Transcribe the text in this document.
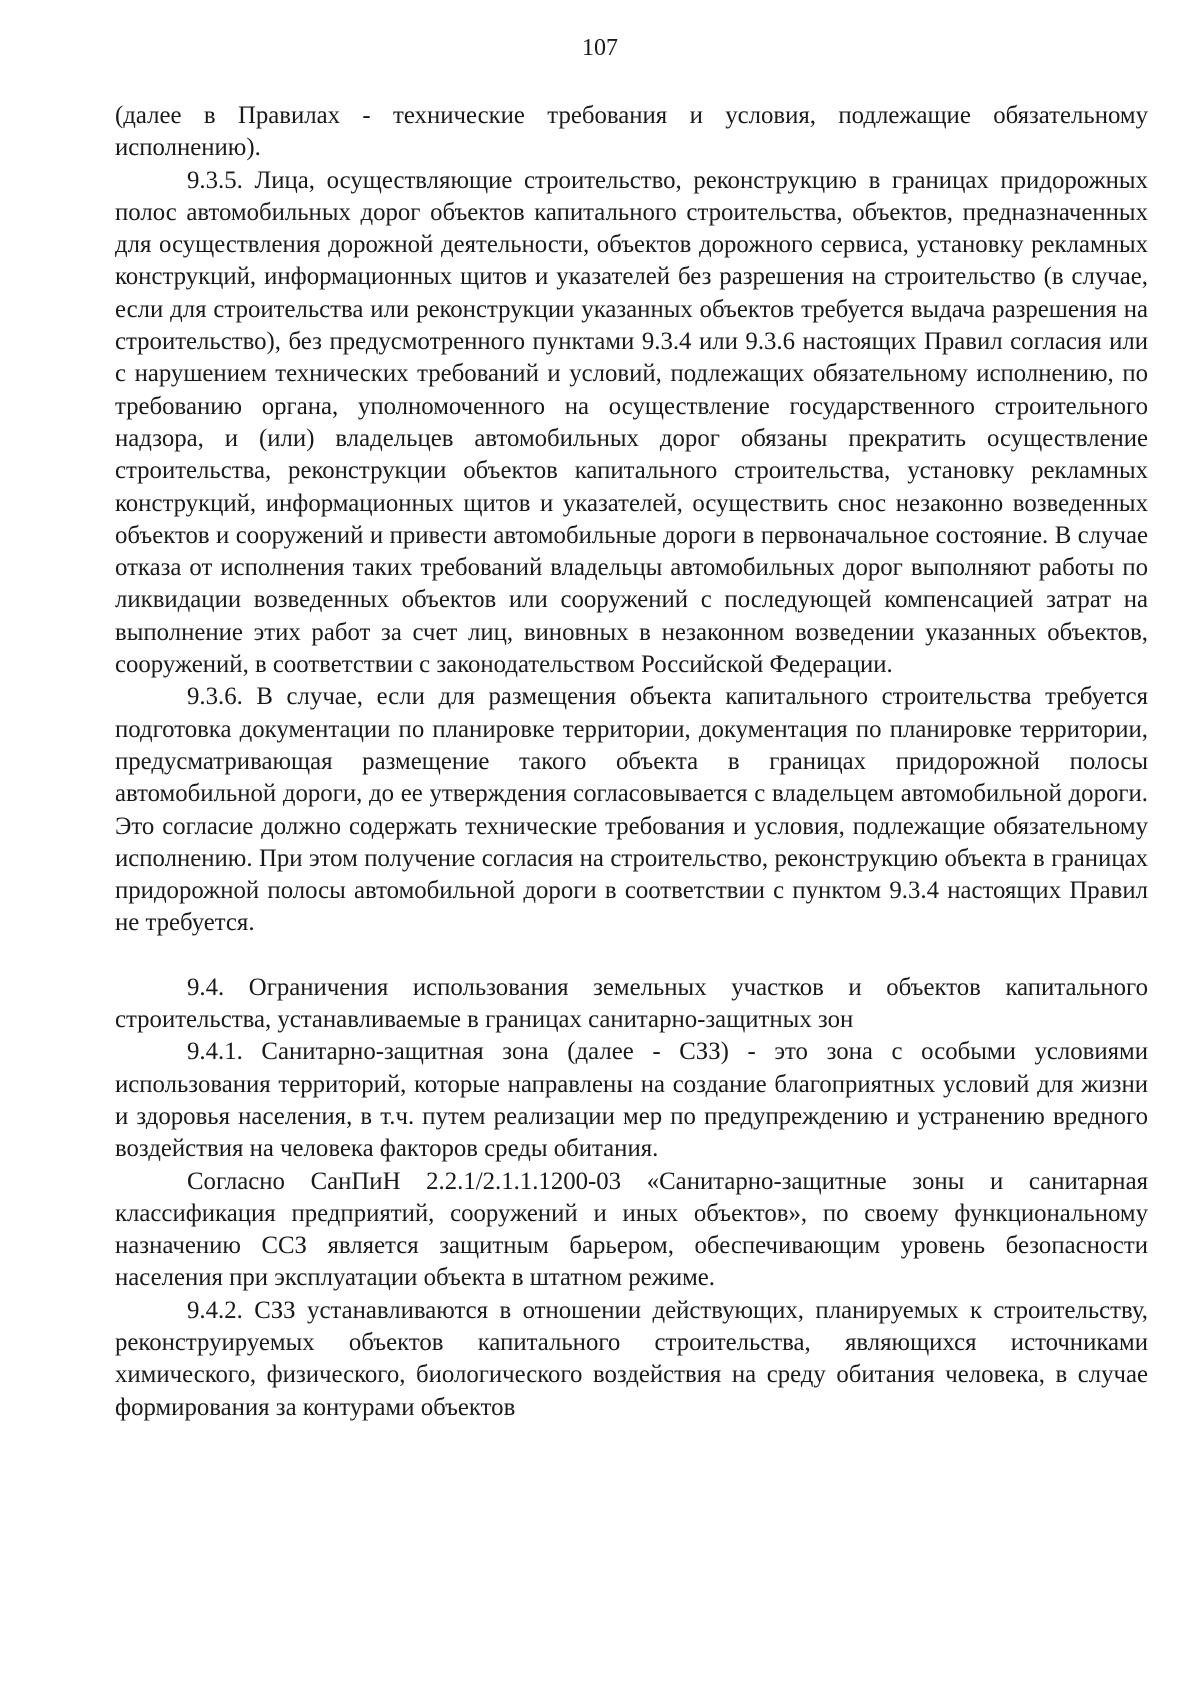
107

(далее в Правилах - технические требования и условия, подлежащие обязательному исполнению).

9.3.5. Лица, осуществляющие строительство, реконструкцию в границах придорожных полос автомобильных дорог объектов капитального строительства, объектов, предназначенных для осуществления дорожной деятельности, объектов дорожного сервиса, установку рекламных конструкций, информационных щитов и указателей без разрешения на строительство (в случае, если для строительства или реконструкции указанных объектов требуется выдача разрешения на строительство), без предусмотренного пунктами 9.3.4 или 9.3.6 настоящих Правил согласия или с нарушением технических требований и условий, подлежащих обязательному исполнению, по требованию органа, уполномоченного на осуществление государственного строительного надзора, и (или) владельцев автомобильных дорог обязаны прекратить осуществление строительства, реконструкции объектов капитального строительства, установку рекламных конструкций, информационных щитов и указателей, осуществить снос незаконно возведенных объектов и сооружений и привести автомобильные дороги в первоначальное состояние. В случае отказа от исполнения таких требований владельцы автомобильных дорог выполняют работы по ликвидации возведенных объектов или сооружений с последующей компенсацией затрат на выполнение этих работ за счет лиц, виновных в незаконном возведении указанных объектов, сооружений, в соответствии с законодательством Российской Федерации.

9.3.6. В случае, если для размещения объекта капитального строительства требуется подготовка документации по планировке территории, документация по планировке территории, предусматривающая размещение такого объекта в границах придорожной полосы автомобильной дороги, до ее утверждения согласовывается с владельцем автомобильной дороги. Это согласие должно содержать технические требования и условия, подлежащие обязательному исполнению. При этом получение согласия на строительство, реконструкцию объекта в границах придорожной полосы автомобильной дороги в соответствии с пунктом 9.3.4 настоящих Правил не требуется.

9.4. Ограничения использования земельных участков и объектов капитального строительства, устанавливаемые в границах санитарно-защитных зон

9.4.1. Санитарно-защитная зона (далее - СЗЗ) - это зона с особыми условиями использования территорий, которые направлены на создание благоприятных условий для жизни и здоровья населения, в т.ч. путем реализации мер по предупреждению и устранению вредного воздействия на человека факторов среды обитания.

Согласно СанПиН 2.2.1/2.1.1.1200-03 «Санитарно-защитные зоны и санитарная классификация предприятий, сооружений и иных объектов», по своему функциональному назначению ССЗ является защитным барьером, обеспечивающим уровень безопасности населения при эксплуатации объекта в штатном режиме.

9.4.2. СЗЗ устанавливаются в отношении действующих, планируемых к строительству, реконструируемых объектов капитального строительства, являющихся источниками химического, физического, биологического воздействия на среду обитания человека, в случае формирования за контурами объектов
